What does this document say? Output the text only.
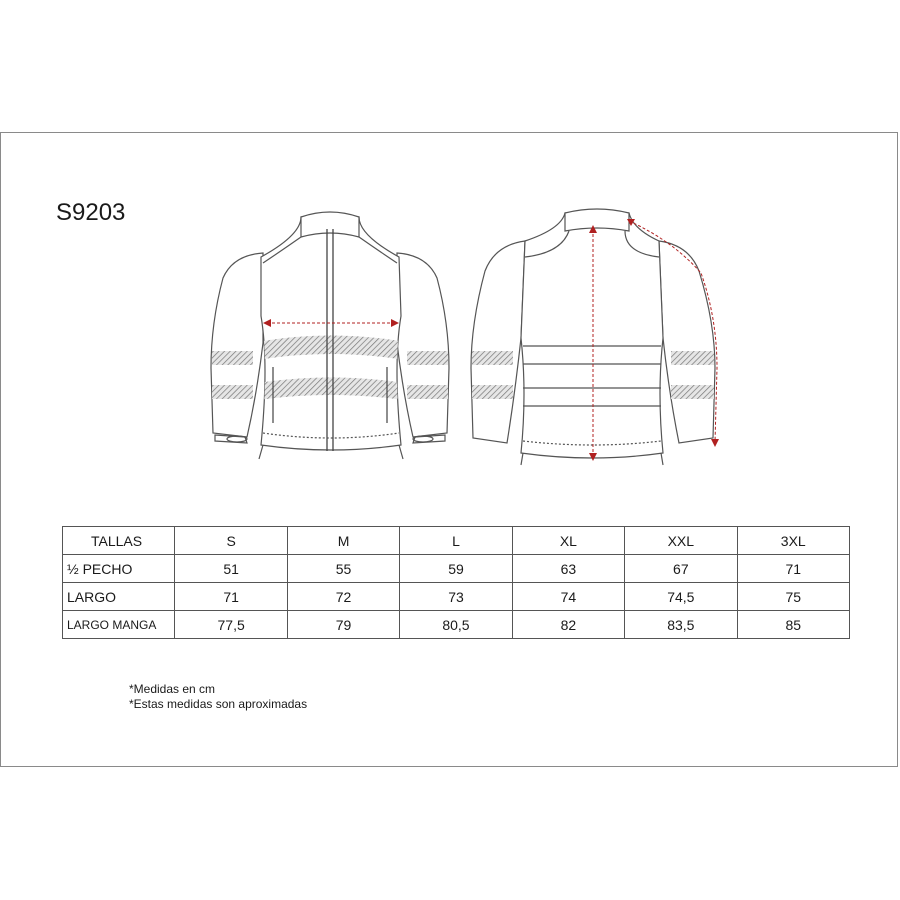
S9203
TALLAS	S	M	L	XL	XXL	3XL
½ PECHO	51	55	59	63	67	71
LARGO	71	72	73	74	74,5	75
LARGO MANGA	77,5	79	80,5	82	83,5	85
*Medidas en cm
*Estas medidas son aproximadas
